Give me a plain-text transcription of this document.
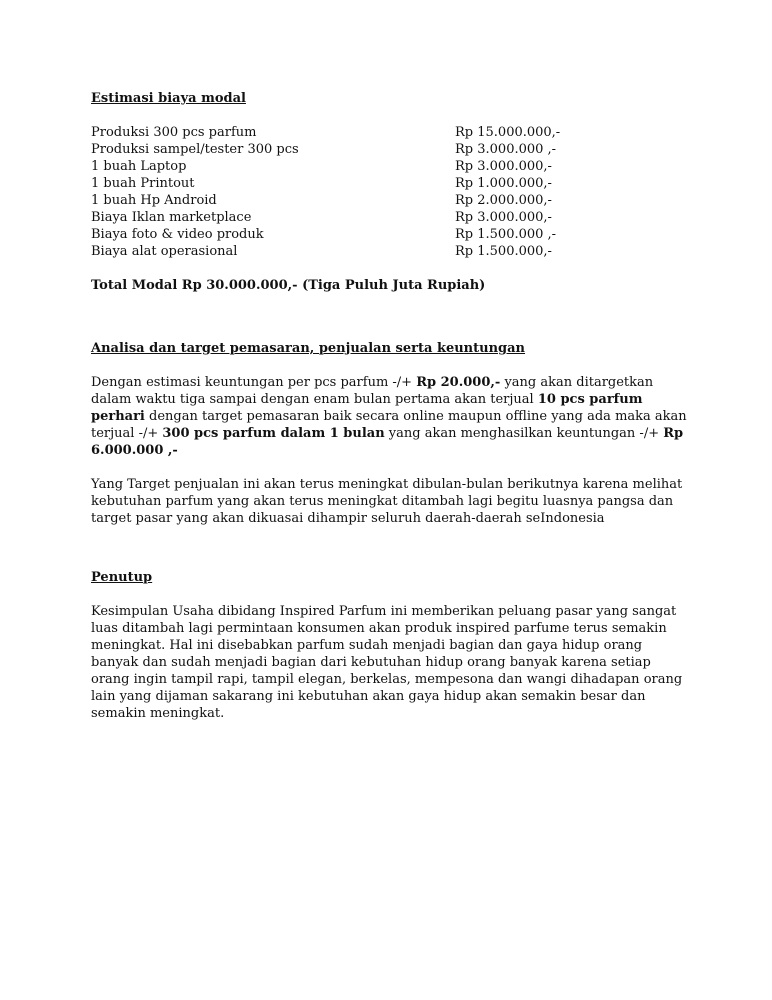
Estimasi biaya modal

Produksi 300 pcs parfum	Rp 15.000.000,-
Produksi sampel/tester 300 pcs	Rp 3.000.000 ,-
1 buah Laptop	Rp 3.000.000,-
1 buah Printout	Rp 1.000.000,-
1 buah Hp Android	Rp 2.000.000,-
Biaya Iklan marketplace	Rp 3.000.000,-
Biaya foto & video produk	Rp 1.500.000 ,-
Biaya alat operasional	Rp 1.500.000,-

Total Modal Rp 30.000.000,- (Tiga Puluh Juta Rupiah)

Analisa dan target pemasaran, penjualan serta keuntungan

Dengan estimasi keuntungan per pcs parfum -/+ Rp 20.000,- yang akan ditargetkan dalam waktu tiga sampai dengan enam bulan pertama akan terjual 10 pcs parfum perhari dengan target pemasaran baik secara online maupun offline yang ada maka akan terjual -/+ 300 pcs parfum dalam 1 bulan yang akan menghasilkan keuntungan -/+ Rp 6.000.000 ,-

Yang Target penjualan ini akan terus meningkat dibulan-bulan berikutnya karena melihat kebutuhan parfum yang akan terus meningkat ditambah lagi begitu luasnya pangsa dan target pasar yang akan dikuasai dihampir seluruh daerah-daerah seIndonesia

Penutup

Kesimpulan Usaha dibidang Inspired Parfum ini memberikan peluang pasar yang sangat luas ditambah lagi permintaan konsumen akan produk inspired parfume terus semakin meningkat. Hal ini disebabkan parfum sudah menjadi bagian dan gaya hidup orang banyak dan sudah menjadi bagian dari kebutuhan hidup orang banyak karena setiap orang ingin tampil rapi, tampil elegan, berkelas, mempesona dan wangi dihadapan orang lain yang dijaman sakarang ini kebutuhan akan gaya hidup akan semakin besar dan semakin meningkat.
